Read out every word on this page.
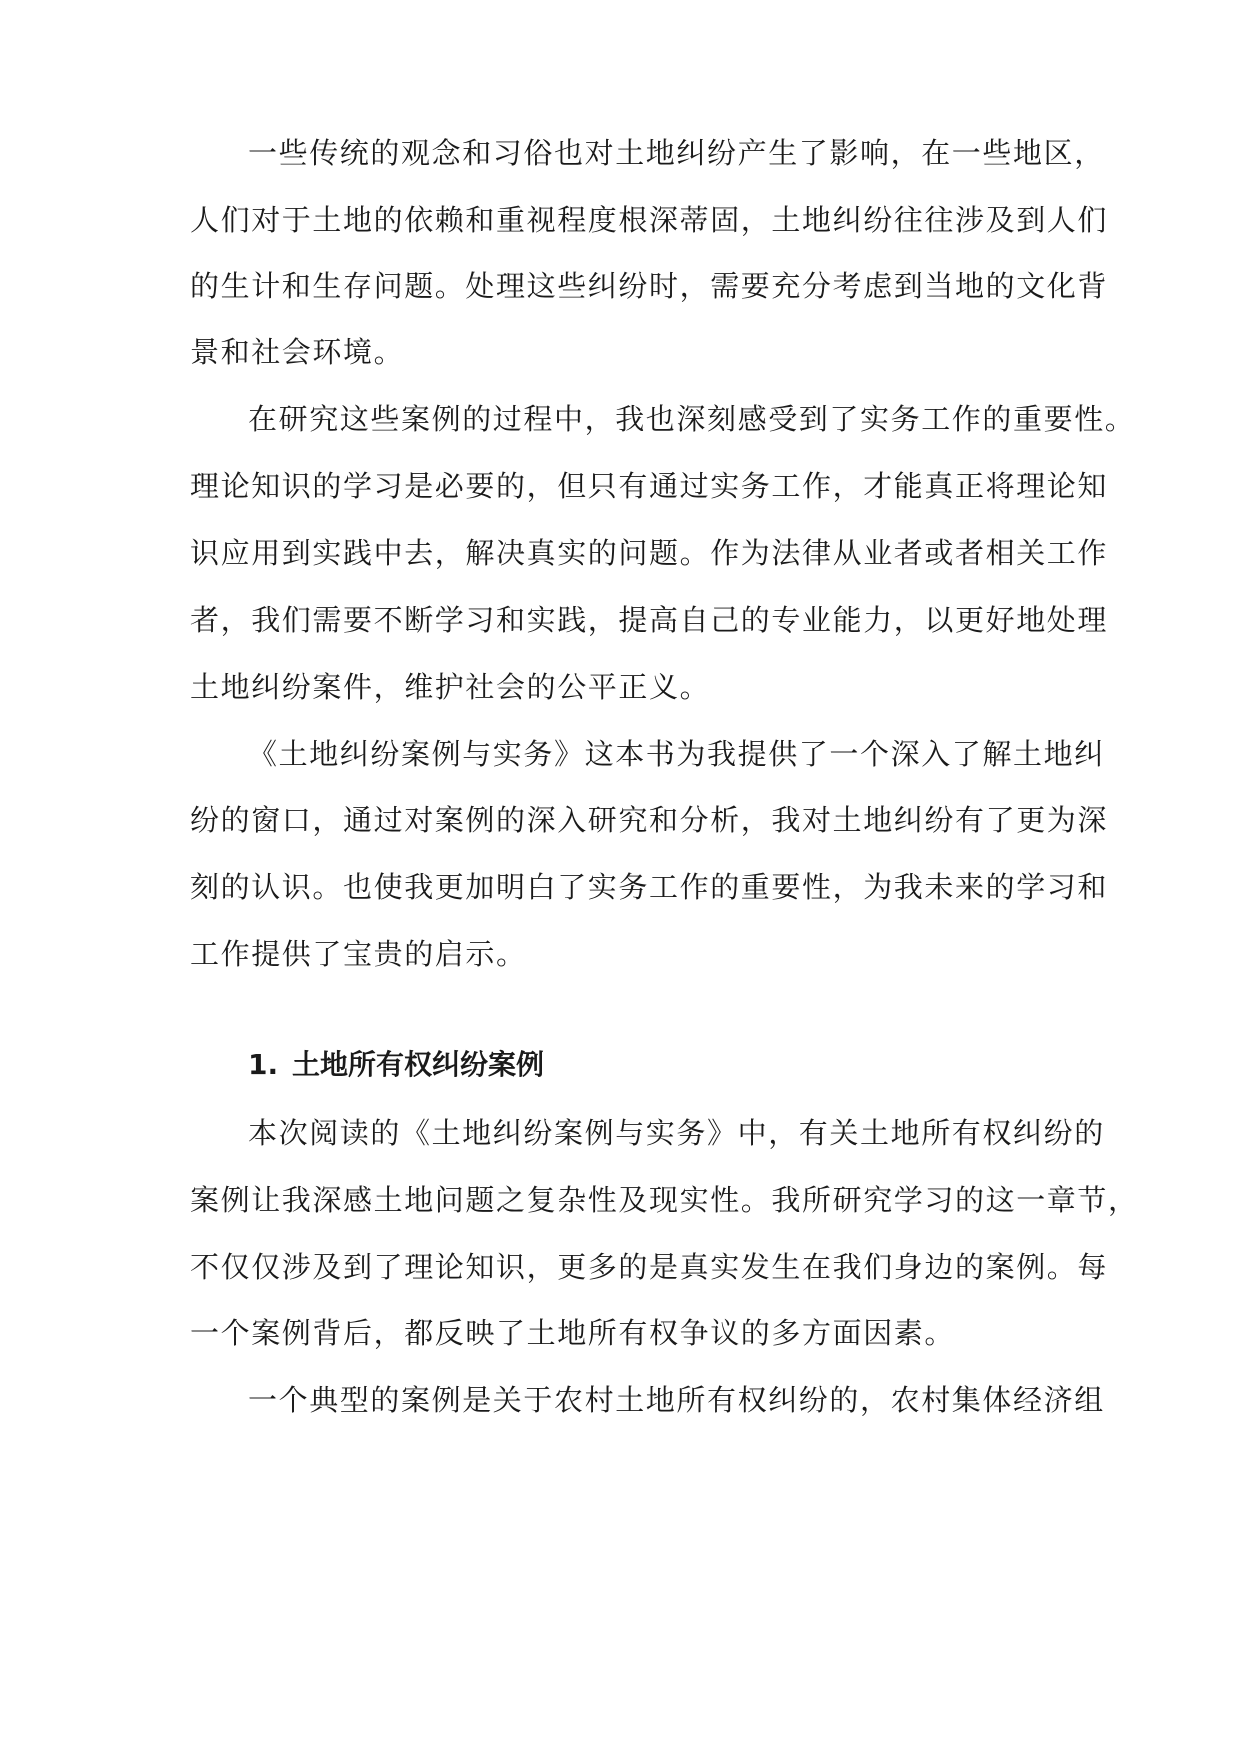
一些传统的观念和习俗也对土地纠纷产生了影响，在一些地区，
人们对于土地的依赖和重视程度根深蒂固，土地纠纷往往涉及到人们
的生计和生存问题。处理这些纠纷时，需要充分考虑到当地的文化背
景和社会环境。
在研究这些案例的过程中，我也深刻感受到了实务工作的重要性。
理论知识的学习是必要的，但只有通过实务工作，才能真正将理论知
识应用到实践中去，解决真实的问题。作为法律从业者或者相关工作
者，我们需要不断学习和实践，提高自己的专业能力，以更好地处理
土地纠纷案件，维护社会的公平正义。
《土地纠纷案例与实务》这本书为我提供了一个深入了解土地纠
纷的窗口，通过对案例的深入研究和分析，我对土地纠纷有了更为深
刻的认识。也使我更加明白了实务工作的重要性，为我未来的学习和
工作提供了宝贵的启示。
1. 土地所有权纠纷案例
本次阅读的《土地纠纷案例与实务》中，有关土地所有权纠纷的
案例让我深感土地问题之复杂性及现实性。我所研究学习的这一章节，
不仅仅涉及到了理论知识，更多的是真实发生在我们身边的案例。每
一个案例背后，都反映了土地所有权争议的多方面因素。
一个典型的案例是关于农村土地所有权纠纷的，农村集体经济组
